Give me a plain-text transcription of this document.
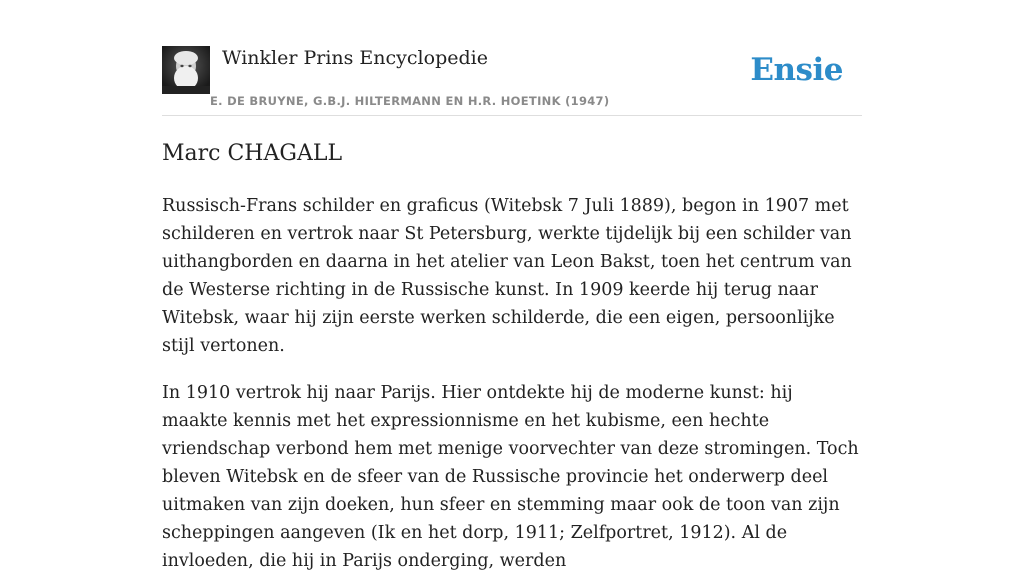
Winkler Prins Encyclopedie
E. DE BRUYNE, G.B.J. HILTERMANN EN H.R. HOETINK (1947)
Ensie
Marc CHAGALL

Russisch-Frans schilder en graficus (Witebsk 7 Juli 1889), begon in 1907 met schilderen en vertrok naar St Petersburg, werkte tijdelijk bij een schilder van uithangborden en daarna in het atelier van Leon Bakst, toen het centrum van de Westerse richting in de Russische kunst. In 1909 keerde hij terug naar Witebsk, waar hij zijn eerste werken schilderde, die een eigen, persoonlijke stijl vertonen.

In 1910 vertrok hij naar Parijs. Hier ontdekte hij de moderne kunst: hij maakte kennis met het expressionnisme en het kubisme, een hechte vriendschap verbond hem met menige voorvechter van deze stromingen. Toch bleven Witebsk en de sfeer van de Russische provincie het onderwerp deel uitmaken van zijn doeken, hun sfeer en stemming maar ook de toon van zijn scheppingen aangeven (Ik en het dorp, 1911; Zelfportret, 1912). Al de invloeden, die hij in Parijs onderging, werden
